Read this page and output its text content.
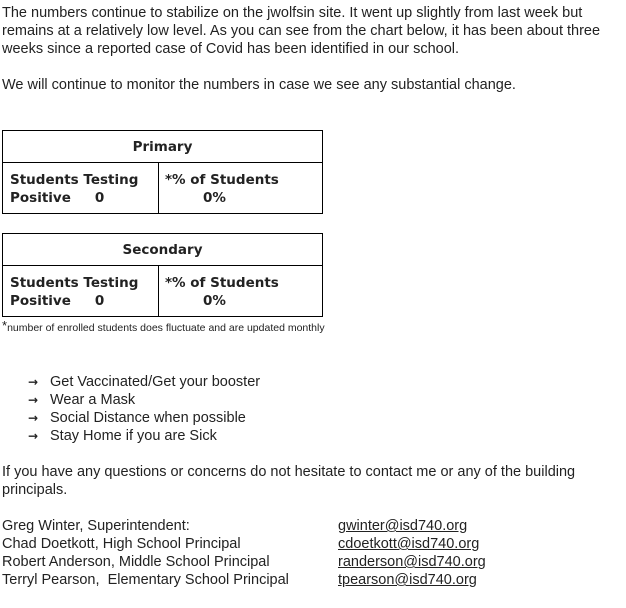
The numbers continue to stabilize on the jwolfsin site. It went up slightly from last week but remains at a relatively low level. As you can see from the chart below, it has been about three weeks since a reported case of Covid has been identified in our school.

We will continue to monitor the numbers in case we see any substantial change.

Primary

Students Testing
Positive 0

*% of Students
0%
Secondary

Students Testing
Positive 0

*% of Students
0%
*number of enrolled students does fluctuate and are updated monthly
→ Get Vaccinated/Get your booster
→ Wear a Mask
→ Social Distance when possible
→ Stay Home if you are Sick

If you have any questions or concerns do not hesitate to contact me or any of the building principals.

Greg Winter, Superintendent:	gwinter@isd740.org
Chad Doetkott, High School Principal	cdoetkott@isd740.org
Robert Anderson, Middle School Principal	randerson@isd740.org
Terryl Pearson,  Elementary School Principal	tpearson@isd740.org
